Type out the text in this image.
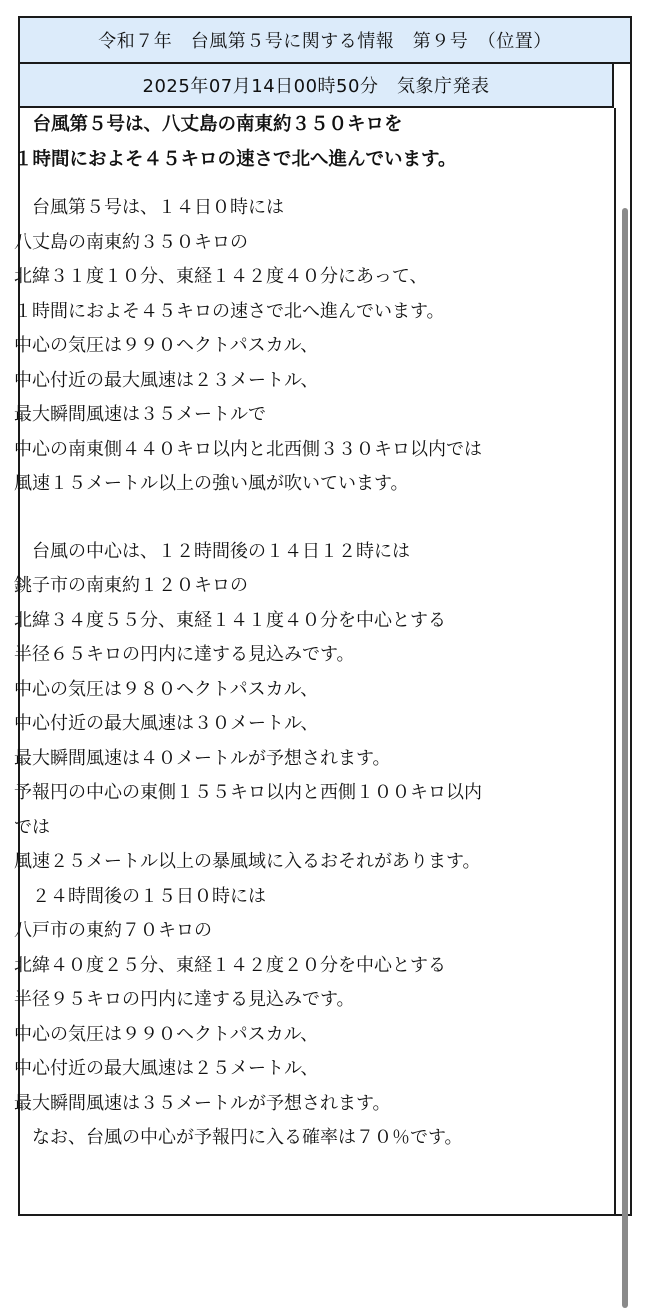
令和７年　台風第５号に関する情報　第９号　（位置）
2025年07月14日00時50分　気象庁発表
　台風第５号は、八丈島の南東約３５０キロを
１時間におよそ４５キロの速さで北へ進んでいます。
　台風第５号は、１４日０時には
八丈島の南東約３５０キロの
北緯３１度１０分、東経１４２度４０分にあって、
１時間におよそ４５キロの速さで北へ進んでいます。
中心の気圧は９９０ヘクトパスカル、
中心付近の最大風速は２３メートル、
最大瞬間風速は３５メートルで
中心の南東側４４０キロ以内と北西側３３０キロ以内では
風速１５メートル以上の強い風が吹いています。
　台風の中心は、１２時間後の１４日１２時には
銚子市の南東約１２０キロの
北緯３４度５５分、東経１４１度４０分を中心とする
半径６５キロの円内に達する見込みです。
中心の気圧は９８０ヘクトパスカル、
中心付近の最大風速は３０メートル、
最大瞬間風速は４０メートルが予想されます。
予報円の中心の東側１５５キロ以内と西側１００キロ以内
では
風速２５メートル以上の暴風域に入るおそれがあります。
　２４時間後の１５日０時には
八戸市の東約７０キロの
北緯４０度２５分、東経１４２度２０分を中心とする
半径９５キロの円内に達する見込みです。
中心の気圧は９９０ヘクトパスカル、
中心付近の最大風速は２５メートル、
最大瞬間風速は３５メートルが予想されます。
　なお、台風の中心が予報円に入る確率は７０％です。
